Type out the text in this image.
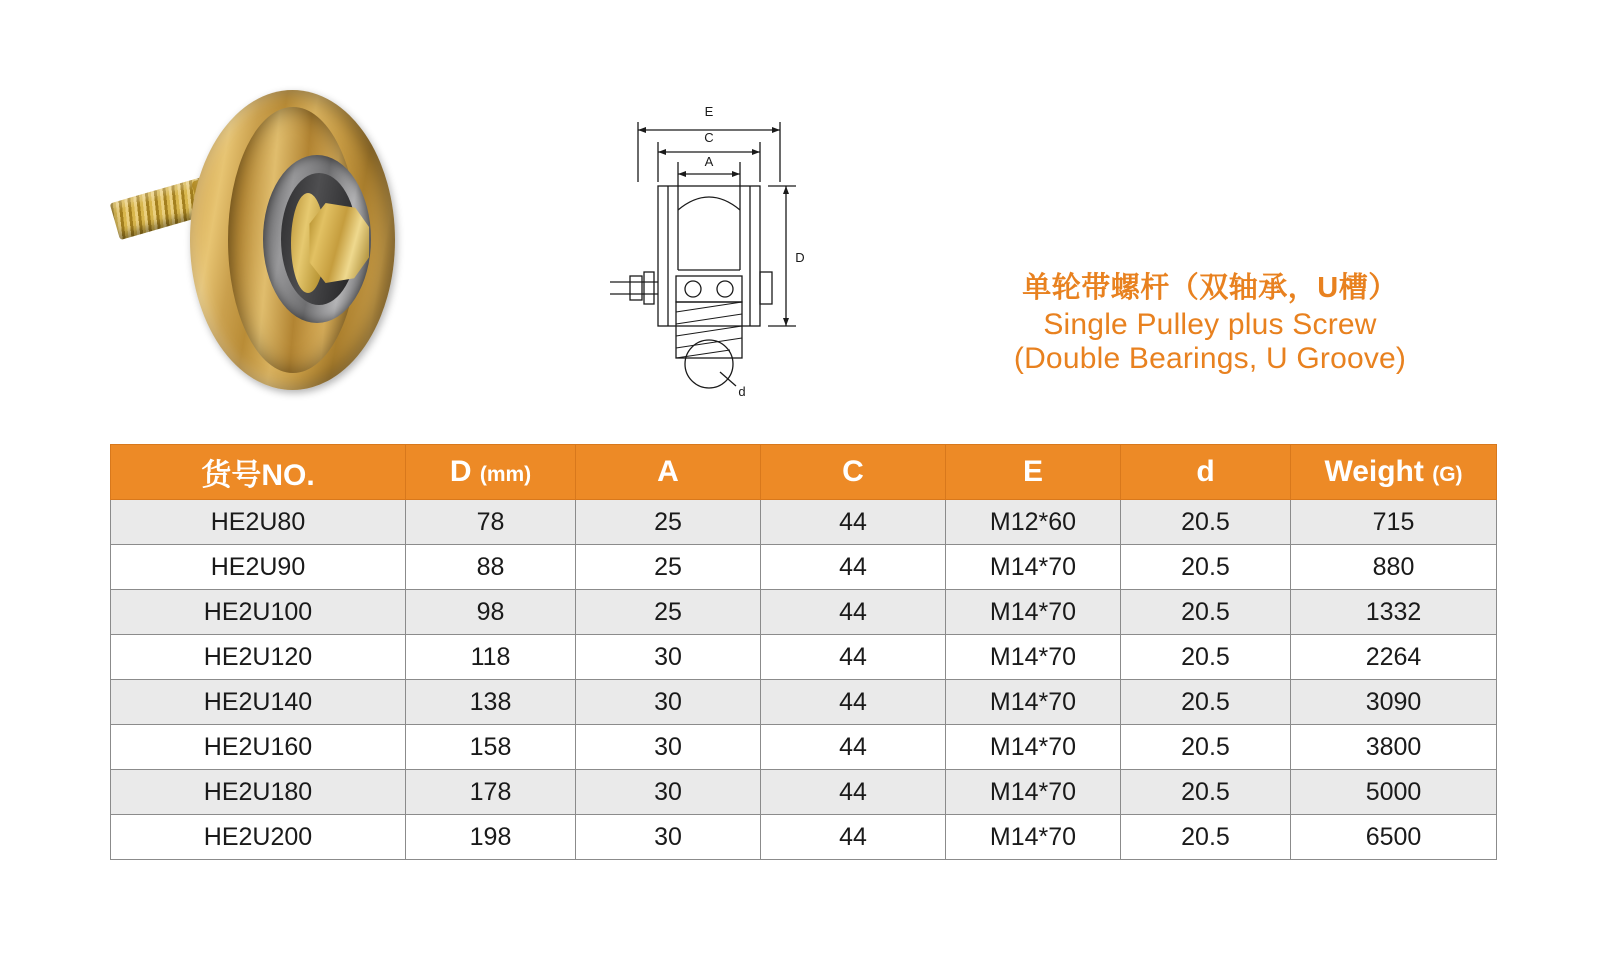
E
C
A
D
d
单轮带螺杆（双轴承，U槽）
Single Pulley plus Screw
(Double Bearings, U Groove)
货号NO.	D (mm)	A	C	E	d	Weight (G)
HE2U80	78	25	44	M12*60	20.5	715
HE2U90	88	25	44	M14*70	20.5	880
HE2U100	98	25	44	M14*70	20.5	1332
HE2U120	118	30	44	M14*70	20.5	2264
HE2U140	138	30	44	M14*70	20.5	3090
HE2U160	158	30	44	M14*70	20.5	3800
HE2U180	178	30	44	M14*70	20.5	5000
HE2U200	198	30	44	M14*70	20.5	6500
